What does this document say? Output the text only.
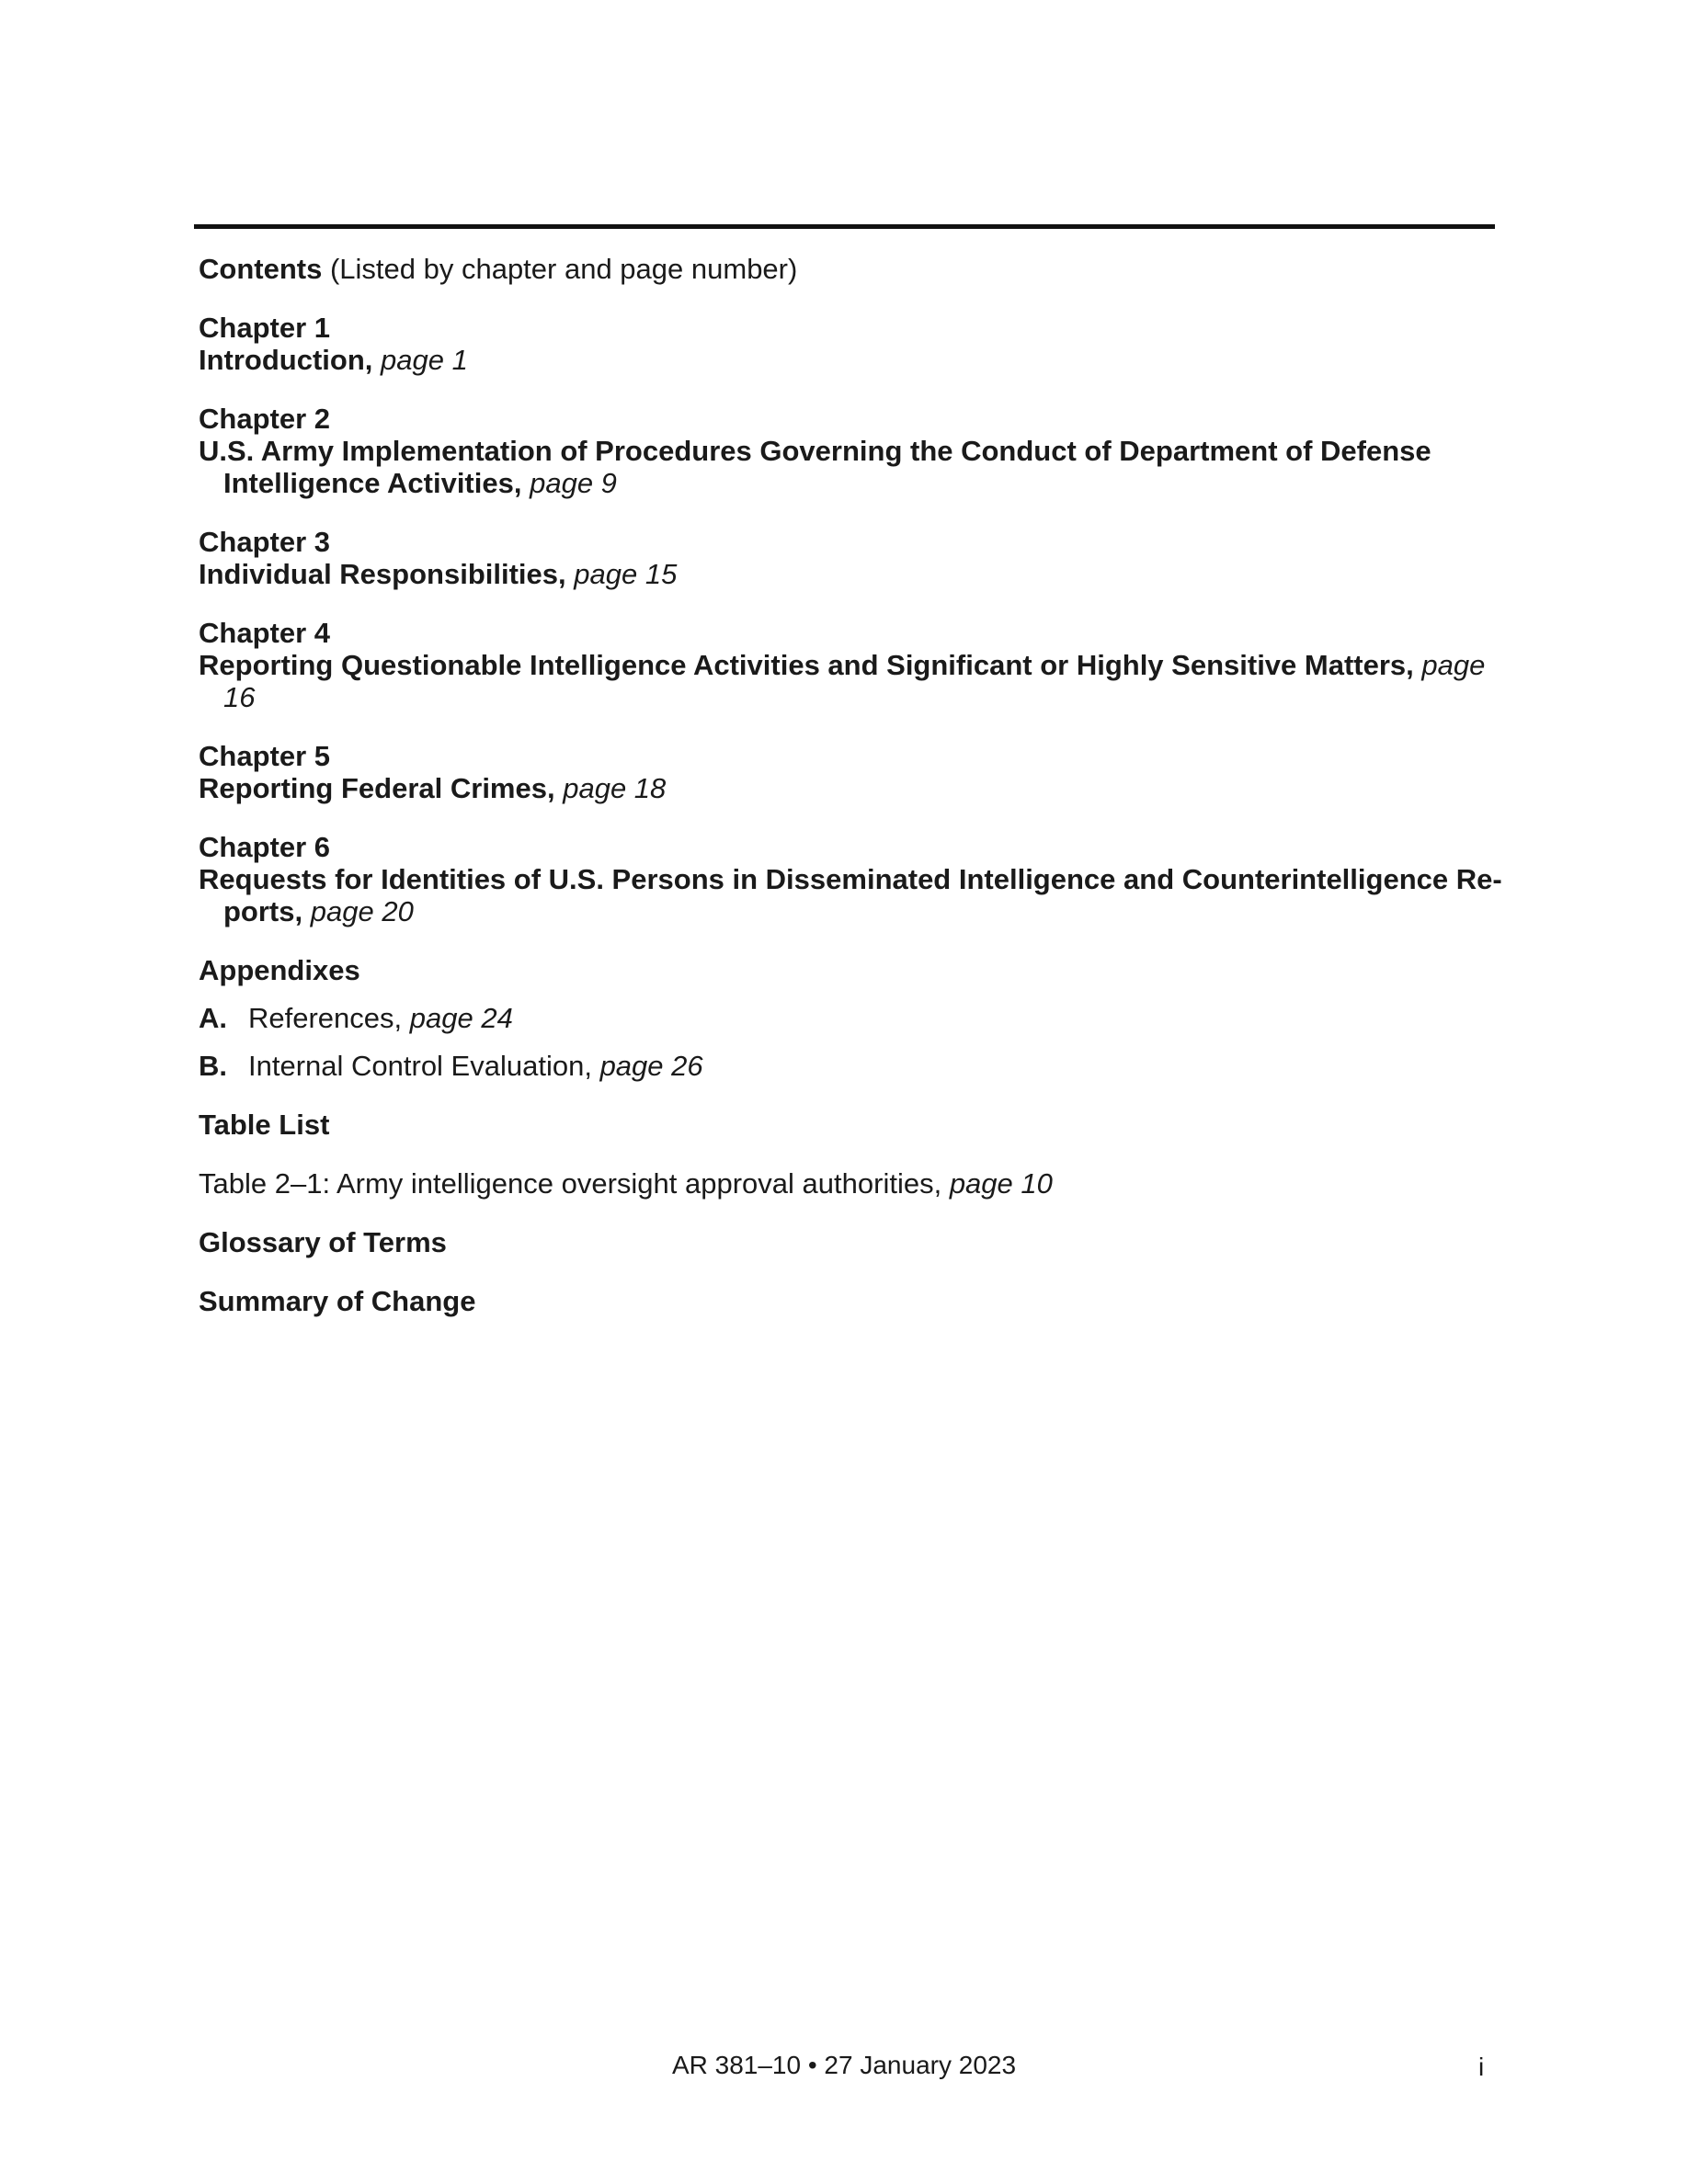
Contents (Listed by chapter and page number)
Chapter 1
Introduction, page 1
Chapter 2
U.S. Army Implementation of Procedures Governing the Conduct of Department of Defense Intelligence Activities, page 9
Chapter 3
Individual Responsibilities, page 15
Chapter 4
Reporting Questionable Intelligence Activities and Significant or Highly Sensitive Matters, page 16
Chapter 5
Reporting Federal Crimes, page 18
Chapter 6
Requests for Identities of U.S. Persons in Disseminated Intelligence and Counterintelligence Reports, page 20
Appendixes
A. References, page 24
B. Internal Control Evaluation, page 26
Table List
Table 2–1: Army intelligence oversight approval authorities, page 10
Glossary of Terms
Summary of Change
AR 381–10 • 27 January 2023	i
